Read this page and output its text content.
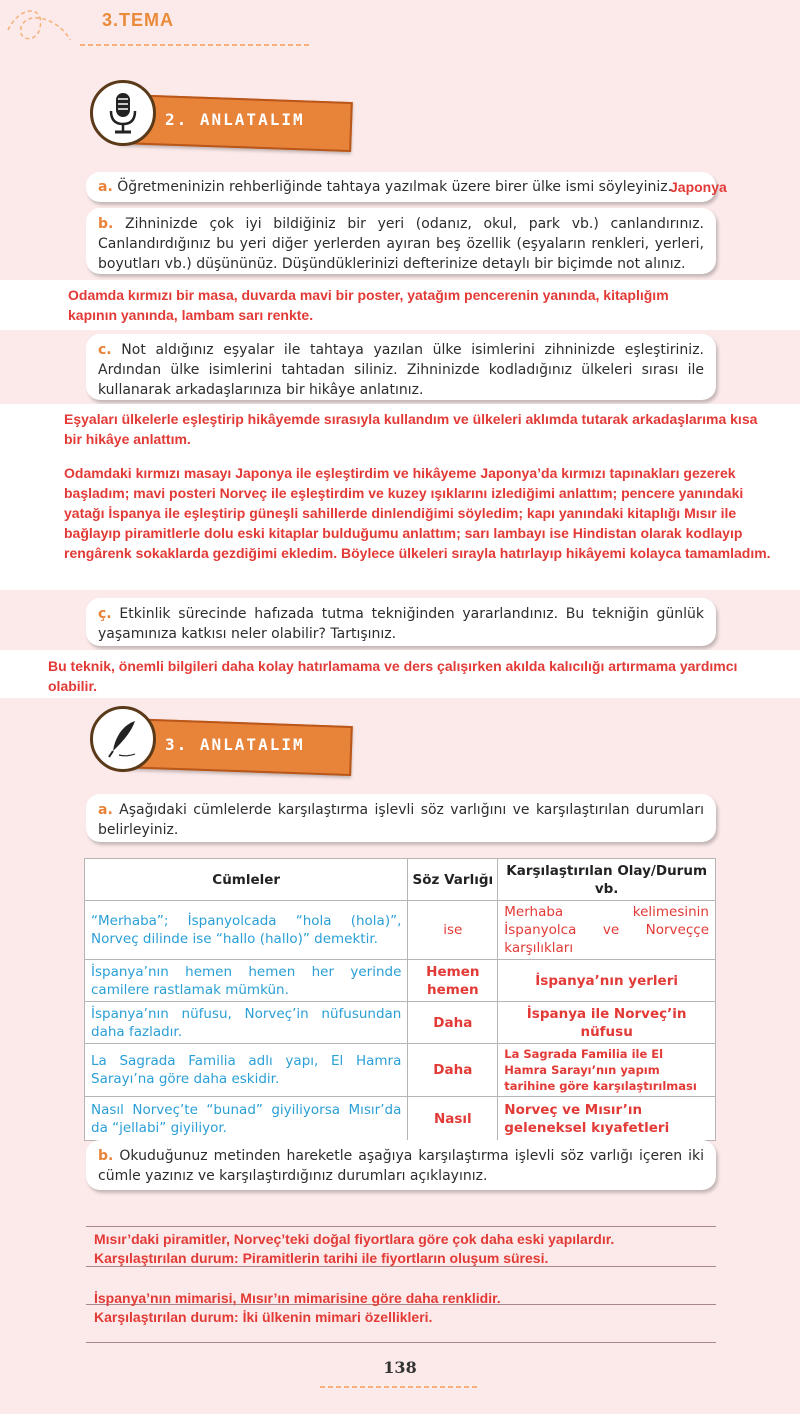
3.TEMA
2. ANLATALIM
a. Öğretmeninizin rehberliğinde tahtaya yazılmak üzere birer ülke ismi söyleyiniz.
Japonya
b. Zihninizde çok iyi bildiğiniz bir yeri (odanız, okul, park vb.) canlandırınız. Canlandırdığınız bu yeri diğer yerlerden ayıran beş özellik (eşyaların renkleri, yerleri, boyutları vb.) düşününüz. Düşündüklerinizi defterinize detaylı bir biçimde not alınız.
Odamda kırmızı bir masa, duvarda mavi bir poster, yatağım pencerenin yanında, kitaplığım kapının yanında, lambam sarı renkte.
c. Not aldığınız eşyalar ile tahtaya yazılan ülke isimlerini zihninizde eşleştiriniz. Ardından ülke isimlerini tahtadan siliniz. Zihninizde kodladığınız ülkeleri sırası ile kullanarak arkadaşlarınıza bir hikâye anlatınız.
Eşyaları ülkelerle eşleştirip hikâyemde sırasıyla kullandım ve ülkeleri aklımda tutarak arkadaşlarıma kısa bir hikâye anlattım.
Odamdaki kırmızı masayı Japonya ile eşleştirdim ve hikâyeme Japonya’da kırmızı tapınakları gezerek başladım; mavi posteri Norveç ile eşleştirdim ve kuzey ışıklarını izlediğimi anlattım; pencere yanındaki yatağı İspanya ile eşleştirip güneşli sahillerde dinlendiğimi söyledim; kapı yanındaki kitaplığı Mısır ile bağlayıp piramitlerle dolu eski kitaplar bulduğumu anlattım; sarı lambayı ise Hindistan olarak kodlayıp rengârenk sokaklarda gezdiğimi ekledim. Böylece ülkeleri sırayla hatırlayıp hikâyemi kolayca tamamladım.
ç. Etkinlik sürecinde hafızada tutma tekniğinden yararlandınız. Bu tekniğin günlük yaşamınıza katkısı neler olabilir? Tartışınız.
Bu teknik, önemli bilgileri daha kolay hatırlamama ve ders çalışırken akılda kalıcılığı artırmama yardımcı olabilir.
3. ANLATALIM
a. Aşağıdaki cümlelerde karşılaştırma işlevli söz varlığını ve karşılaştırılan durumları belirleyiniz.
Cümleler	Söz Varlığı	Karşılaştırılan Olay/Durum vb.
“Merhaba”; İspanyolcada “hola (hola)”, Norveç dilinde ise “hallo (hallo)” demektir.	ise	Merhaba kelimesinin İspanyolca ve Norveççe karşılıkları
İspanya’nın hemen hemen her yerinde camilere rastlamak mümkün.	Hemen hemen	İspanya’nın yerleri
İspanya’nın nüfusu, Norveç’in nüfusundan daha fazladır.	Daha	İspanya ile Norveç’in nüfusu
La Sagrada Familia adlı yapı, El Hamra Sarayı’na göre daha eskidir.	Daha	La Sagrada Familia ile El Hamra Sarayı’nın yapım tarihine göre karşılaştırılması
Nasıl Norveç’te “bunad” giyiliyorsa Mısır’da da “jellabi” giyiliyor.	Nasıl	Norveç ve Mısır’ın geleneksel kıyafetleri
b. Okuduğunuz metinden hareketle aşağıya karşılaştırma işlevli söz varlığı içeren iki cümle yazınız ve karşılaştırdığınız durumları açıklayınız.
Mısır’daki piramitler, Norveç’teki doğal fiyortlara göre çok daha eski yapılardır.
Karşılaştırılan durum: Piramitlerin tarihi ile fiyortların oluşum süresi.
İspanya’nın mimarisi, Mısır’ın mimarisine göre daha renklidir.
Karşılaştırılan durum: İki ülkenin mimari özellikleri.
138
